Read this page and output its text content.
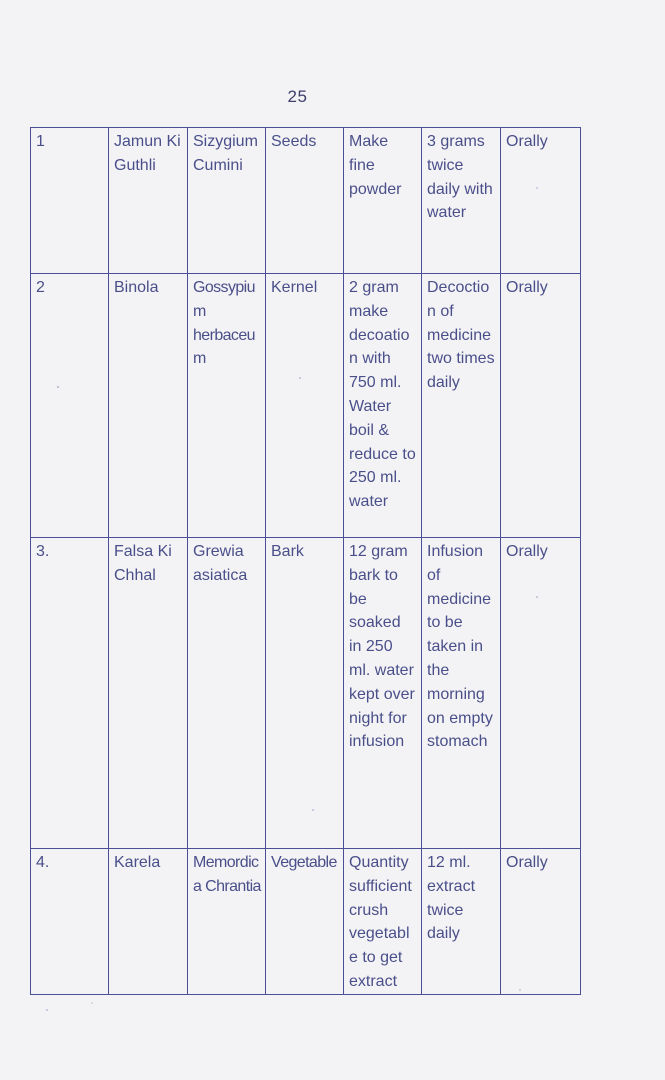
25
1	Jamun Ki Guthli	Sizygium Cumini	Seeds	Make fine powder	3 grams twice daily with water	Orally
2	Binola	Gossypium herbaceum	Kernel	2 gram make decoation with 750 ml. Water boil & reduce to 250 ml. water	Decoction of medicine two times daily	Orally
3.	Falsa Ki Chhal	Grewia asiatica	Bark	12 gram bark to be soaked in 250 ml. water kept over night for infusion	Infusion of medicine to be taken in the morning on empty stomach	Orally
4.	Karela	Memordica Chrantia	Vegetable	Quantity sufficient crush vegetable to get extract	12 ml. extract twice daily	Orally
